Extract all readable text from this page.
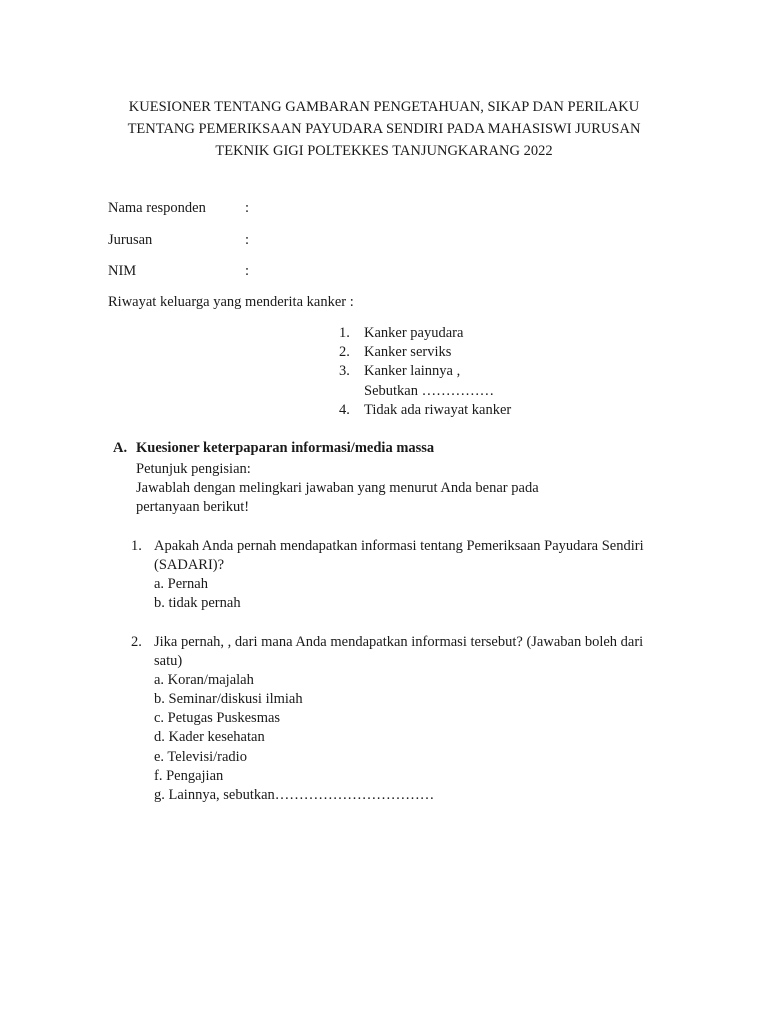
KUESIONER TENTANG GAMBARAN PENGETAHUAN, SIKAP DAN PERILAKU
TENTANG PEMERIKSAAN PAYUDARA SENDIRI PADA MAHASISWI JURUSAN
TEKNIK GIGI POLTEKKES TANJUNGKARANG 2022
Nama responden	:
Jurusan	:
NIM	:
Riwayat keluarga yang menderita kanker :
1. Kanker payudara
2. Kanker serviks
3. Kanker lainnya ,
Sebutkan ……………
4. Tidak ada riwayat kanker
A. Kuesioner keterpaparan informasi/media massa
Petunjuk pengisian:
Jawablah dengan melingkari jawaban yang menurut Anda benar pada
pertanyaan berikut!
1. Apakah Anda pernah mendapatkan informasi tentang Pemeriksaan Payudara Sendiri
(SADARI)?
a. Pernah
b. tidak pernah
2. Jika pernah, , dari mana Anda mendapatkan informasi tersebut? (Jawaban boleh dari
satu)
a. Koran/majalah
b. Seminar/diskusi ilmiah
c. Petugas Puskesmas
d. Kader kesehatan
e. Televisi/radio
f. Pengajian
g. Lainnya, sebutkan……………………………
